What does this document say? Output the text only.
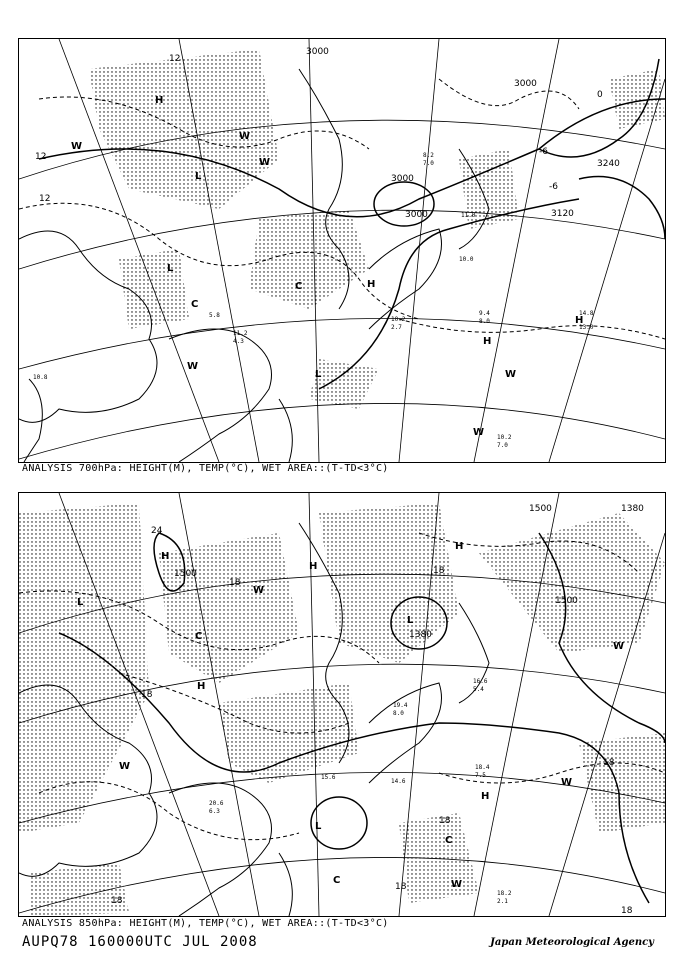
3000
3000
3000
3120
3240
3000
12
12
12
0
-6
-6
H
H
L
L
L
W
W
W
W
H
W
C
C
H
W
10.2
7.0
11.2
4.3
10.2
2.7
9.4
8.0
14.8
13.0
10.0
10.8
8.2
7.0
11.0
5.8
ANALYSIS 700hPa: HEIGHT(M), TEMP(°C), WET AREA::(T-TD<3°C)
1500
1500
1380
1500	1380
24
18
18
18
18
18
18
18
18
H
L
H
L
W
H
W
L
C
H
C
W
W
C
H
W
18.2
2.1
15.6
14.6
18.4
7.5
20.6
6.3
19.4
8.0
16.6
5.4
ANALYSIS 850hPa: HEIGHT(M), TEMP(°C), WET AREA::(T-TD<3°C)
AUPQ78 160000UTC JUL 2008	Japan Meteorological Agency
